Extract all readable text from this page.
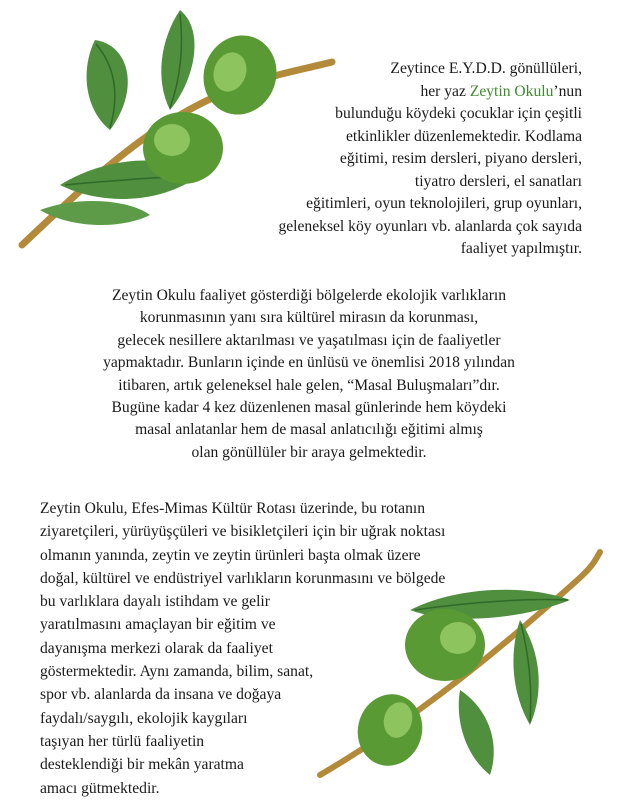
Zeytince E.Y.D.D. gönüllüleri,
her yaz Zeytin Okulu’nun
bulunduğu köydeki çocuklar için çeşitli
etkinlikler düzenlemektedir. Kodlama
eğitimi, resim dersleri, piyano dersleri,
tiyatro dersleri, el sanatları
eğitimleri, oyun teknolojileri, grup oyunları,
geleneksel köy oyunları vb. alanlarda çok sayıda
faaliyet yapılmıştır.
Zeytin Okulu faaliyet gösterdiği bölgelerde ekolojik varlıkların
korunmasının yanı sıra kültürel mirasın da korunması,
gelecek nesillere aktarılması ve yaşatılması için de faaliyetler
yapmaktadır. Bunların içinde en ünlüsü ve önemlisi 2018 yılından
itibaren, artık geleneksel hale gelen, “Masal Buluşmaları”dır.
Bugüne kadar 4 kez düzenlenen masal günlerinde hem köydeki
masal anlatanlar hem de masal anlatıcılığı eğitimi almış
olan gönüllüler bir araya gelmektedir.
Zeytin Okulu, Efes-Mimas Kültür Rotası üzerinde, bu rotanın
ziyaretçileri, yürüyüşçüleri ve bisikletçileri için bir uğrak noktası
olmanın yanında, zeytin ve zeytin ürünleri başta olmak üzere
doğal, kültürel ve endüstriyel varlıkların korunmasını ve bölgede
bu varlıklara dayalı istihdam ve gelir
yaratılmasını amaçlayan bir eğitim ve
dayanışma merkezi olarak da faaliyet
göstermektedir. Aynı zamanda, bilim, sanat,
spor vb. alanlarda da insana ve doğaya
faydalı/saygılı, ekolojik kaygıları
taşıyan her türlü faaliyetin
desteklendiği bir mekân yaratma
amacı gütmektedir.
